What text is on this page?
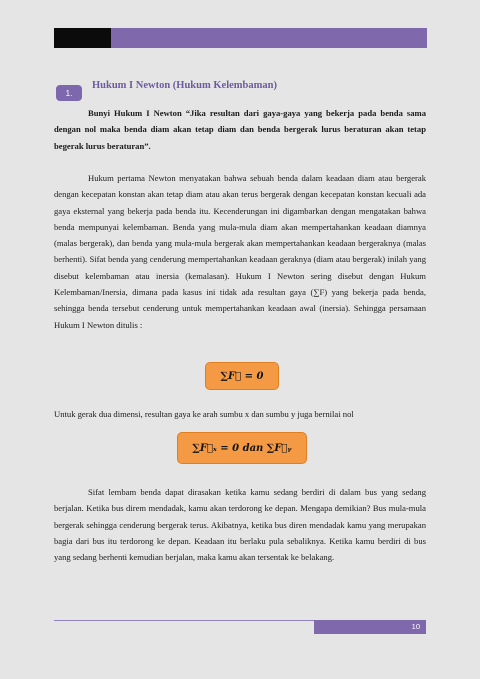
1.
Hukum I Newton (Hukum Kelembaman)

Bunyi Hukum I Newton “Jika resultan dari gaya-gaya yang bekerja pada benda sama dengan nol maka benda diam akan tetap diam dan benda bergerak lurus beraturan akan tetap begerak lurus beraturan”.

Hukum pertama Newton menyatakan bahwa sebuah benda dalam keadaan diam atau bergerak dengan kecepatan konstan akan tetap diam atau akan terus bergerak dengan kecepatan konstan kecuali ada gaya eksternal yang bekerja pada benda itu. Kecenderungan ini digambarkan dengan mengatakan bahwa benda mempunyai kelembaman. Benda yang mula-mula diam akan mempertahankan keadaan diamnya (malas bergerak), dan benda yang mula-mula bergerak akan mempertahankan keadaan bergeraknya (malas berhenti). Sifat benda yang cenderung mempertahankan keadaan geraknya (diam atau bergerak) inilah yang disebut kelembaman atau inersia (kemalasan). Hukum I Newton sering disebut dengan Hukum Kelembaman/Inersia, dimana pada kasus ini tidak ada resultan gaya (∑F) yang bekerja pada benda, sehingga benda tersebut cenderung untuk mempertahankan keadaan awal (inersia). Sehingga persamaan Hukum I Newton ditulis :

∑F⃗ = 0

Untuk gerak dua dimensi, resultan gaya ke arah sumbu x dan sumbu y juga bernilai nol

∑F⃗ₓ = 0 dan ∑F⃗ᵧ

Sifat lembam benda dapat dirasakan ketika kamu sedang berdiri di dalam bus yang sedang berjalan. Ketika bus direm mendadak, kamu akan terdorong ke depan. Mengapa demikian? Bus mula-mula bergerak sehingga cenderung bergerak terus. Akibatnya, ketika bus diren mendadak kamu yang merupakan bagia dari bus itu terdorong ke depan. Keadaan itu berlaku pula sebaliknya. Ketika kamu berdiri di bus yang sedang berhenti kemudian berjalan, maka kamu akan tersentak ke belakang.

10
